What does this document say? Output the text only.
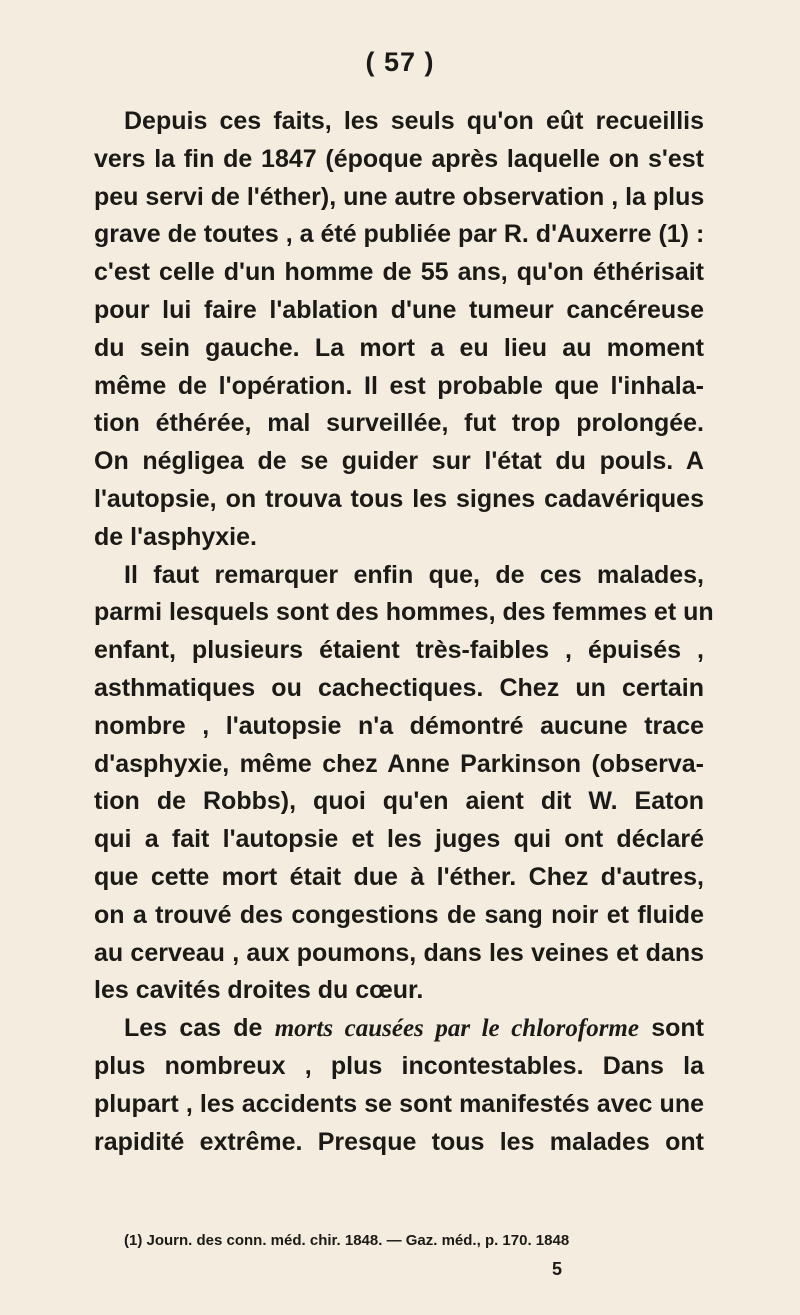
( 57 )
Depuis ces faits, les seuls qu'on eût recueillis
vers la fin de 1847 (époque après laquelle on s'est
peu servi de l'éther), une autre observation , la plus
grave de toutes , a été publiée par R. d'Auxerre (1) :
c'est celle d'un homme de 55 ans, qu'on éthérisait
pour lui faire l'ablation d'une tumeur cancéreuse
du sein gauche. La mort a eu lieu au moment
même de l'opération. Il est probable que l'inhala-
tion éthérée, mal surveillée, fut trop prolongée.
On négligea de se guider sur l'état du pouls. A
l'autopsie, on trouva tous les signes cadavériques
de l'asphyxie.
Il faut remarquer enfin que, de ces malades,
parmi lesquels sont des hommes, des femmes et un
enfant, plusieurs étaient très-faibles , épuisés ,
asthmatiques ou cachectiques. Chez un certain
nombre , l'autopsie n'a démontré aucune trace
d'asphyxie, même chez Anne Parkinson (observa-
tion de Robbs), quoi qu'en aient dit W. Eaton
qui a fait l'autopsie et les juges qui ont déclaré
que cette mort était due à l'éther. Chez d'autres,
on a trouvé des congestions de sang noir et fluide
au cerveau , aux poumons, dans les veines et dans
les cavités droites du cœur.
Les cas de morts causées par le chloroforme sont
plus nombreux , plus incontestables. Dans la
plupart , les accidents se sont manifestés avec une
rapidité extrême. Presque tous les malades ont
(1) Journ. des conn. méd. chir. 1848. — Gaz. méd., p. 170. 1848
5
